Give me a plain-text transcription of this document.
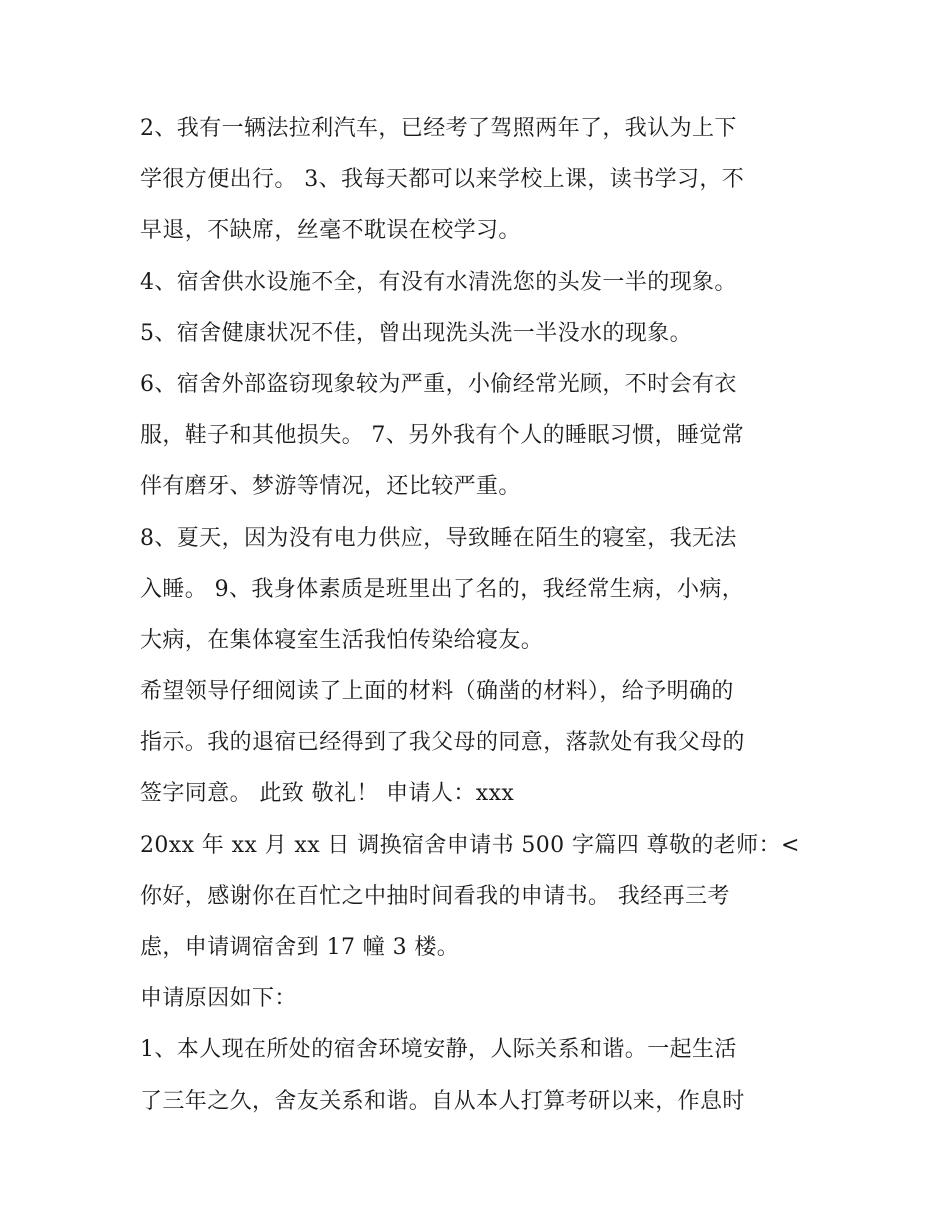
2、我有一辆法拉利汽车，已经考了驾照两年了，我认为上下
学很方便出行。 3、我每天都可以来学校上课，读书学习，不
早退，不缺席，丝毫不耽误在校学习。
4、宿舍供水设施不全，有没有水清洗您的头发一半的现象。
5、宿舍健康状况不佳，曾出现洗头洗一半没水的现象。
6、宿舍外部盗窃现象较为严重，小偷经常光顾，不时会有衣
服，鞋子和其他损失。 7、另外我有个人的睡眠习惯，睡觉常
伴有磨牙、梦游等情况，还比较严重。
8、夏天，因为没有电力供应，导致睡在陌生的寝室，我无法
入睡。 9、我身体素质是班里出了名的，我经常生病，小病，
大病，在集体寝室生活我怕传染给寝友。
希望领导仔细阅读了上面的材料（确凿的材料），给予明确的
指示。我的退宿已经得到了我父母的同意，落款处有我父母的
签字同意。 此致 敬礼！ 申请人：xxx
20xx 年 xx 月 xx 日 调换宿舍申请书 500 字篇四 尊敬的老师：<
你好，感谢你在百忙之中抽时间看我的申请书。 我经再三考
虑，申请调宿舍到 17 幢 3 楼。
申请原因如下：
1、本人现在所处的宿舍环境安静，人际关系和谐。一起生活
了三年之久，舍友关系和谐。自从本人打算考研以来，作息时
